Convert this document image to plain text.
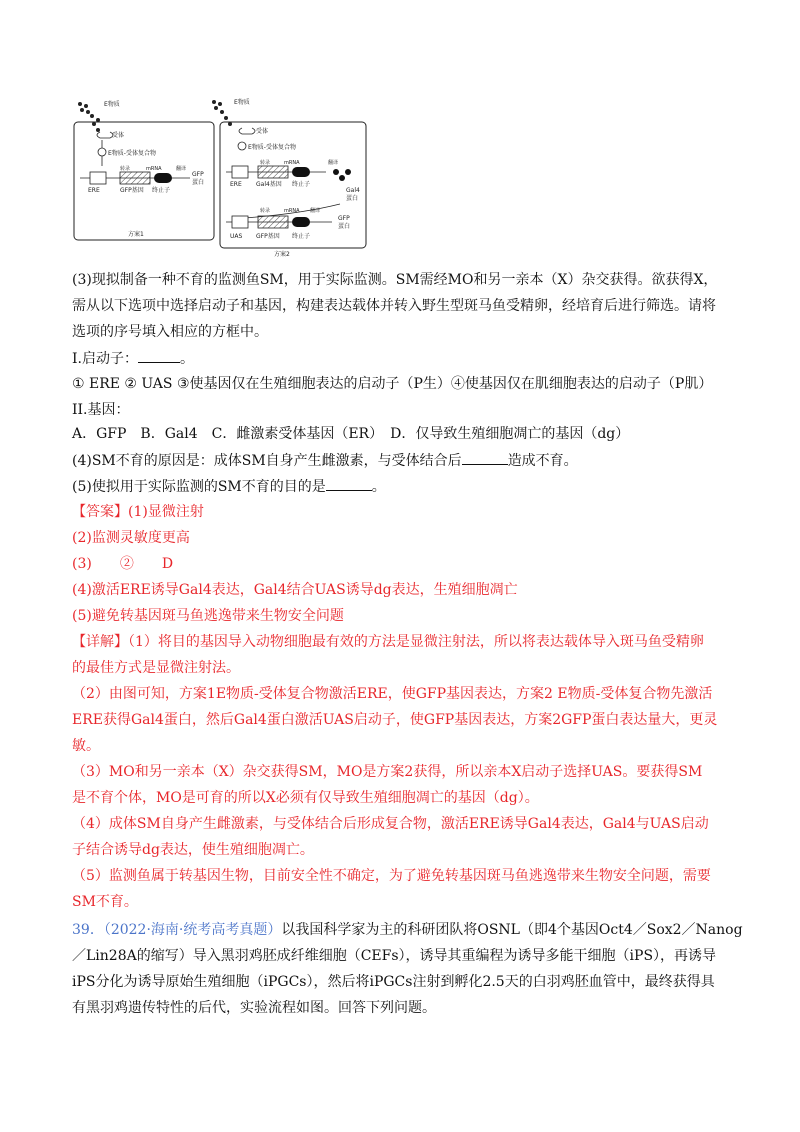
E物质
受体
E物质-受体复合物
转录	mRNA	翻译
GFP
蛋白
ERE	GFP基因 终止子
方案1
E物质
受体
E物质-受体复合物
转录	mRNA	翻译
ERE Gal4基因 终止子
Gal4
蛋白
转录	mRNA 翻译
GFP
蛋白
UAS GFP基因 终止子
方案2
(3)现拟制备一种不育的监测鱼SM，用于实际监测。SM需经MO和另一亲本（X）杂交获得。欲获得X，
需从以下选项中选择启动子和基因，构建表达载体并转入野生型斑马鱼受精卵，经培育后进行筛选。请将
选项的序号填入相应的方框中。
I.启动子：	。
① ERE ② UAS ③使基因仅在生殖细胞表达的启动子（P生）④使基因仅在肌细胞表达的启动子（P肌）
II.基因：
A．GFP　B．Gal4　C．雌激素受体基因（ER）　D．仅导致生殖细胞凋亡的基因（dg）
(4)SM不育的原因是：成体SM自身产生雌激素，与受体结合后	造成不育。
(5)使拟用于实际监测的SM不育的目的是	。
【答案】(1)显微注射
(2)监测灵敏度更高
(3)　　②　　D
(4)激活ERE诱导Gal4表达，Gal4结合UAS诱导dg表达，生殖细胞凋亡
(5)避免转基因斑马鱼逃逸带来生物安全问题
【详解】（1）将目的基因导入动物细胞最有效的方法是显微注射法，所以将表达载体导入斑马鱼受精卵
的最佳方式是显微注射法。
（2）由图可知，方案1E物质-受体复合物激活ERE，使GFP基因表达，方案2 E物质-受体复合物先激活
ERE获得Gal4蛋白，然后Gal4蛋白激活UAS启动子，使GFP基因表达，方案2GFP蛋白表达量大，更灵
敏。
（3）MO和另一亲本（X）杂交获得SM，MO是方案2获得，所以亲本X启动子选择UAS。要获得SM
是不育个体，MO是可育的所以X必须有仅导致生殖细胞凋亡的基因（dg）。
（4）成体SM自身产生雌激素，与受体结合后形成复合物，激活ERE诱导Gal4表达，Gal4与UAS启动
子结合诱导dg表达，使生殖细胞凋亡。
（5）监测鱼属于转基因生物，目前安全性不确定，为了避免转基因斑马鱼逃逸带来生物安全问题，需要
SM不育。
39．（2022·海南·统考高考真题）以我国科学家为主的科研团队将OSNL（即4个基因Oct4／Sox2／Nanog
／Lin28A的缩写）导入黑羽鸡胚成纤维细胞（CEFs），诱导其重编程为诱导多能干细胞（iPS），再诱导
iPS分化为诱导原始生殖细胞（iPGCs），然后将iPGCs注射到孵化2.5天的白羽鸡胚血管中，最终获得具
有黑羽鸡遗传特性的后代，实验流程如图。回答下列问题。
